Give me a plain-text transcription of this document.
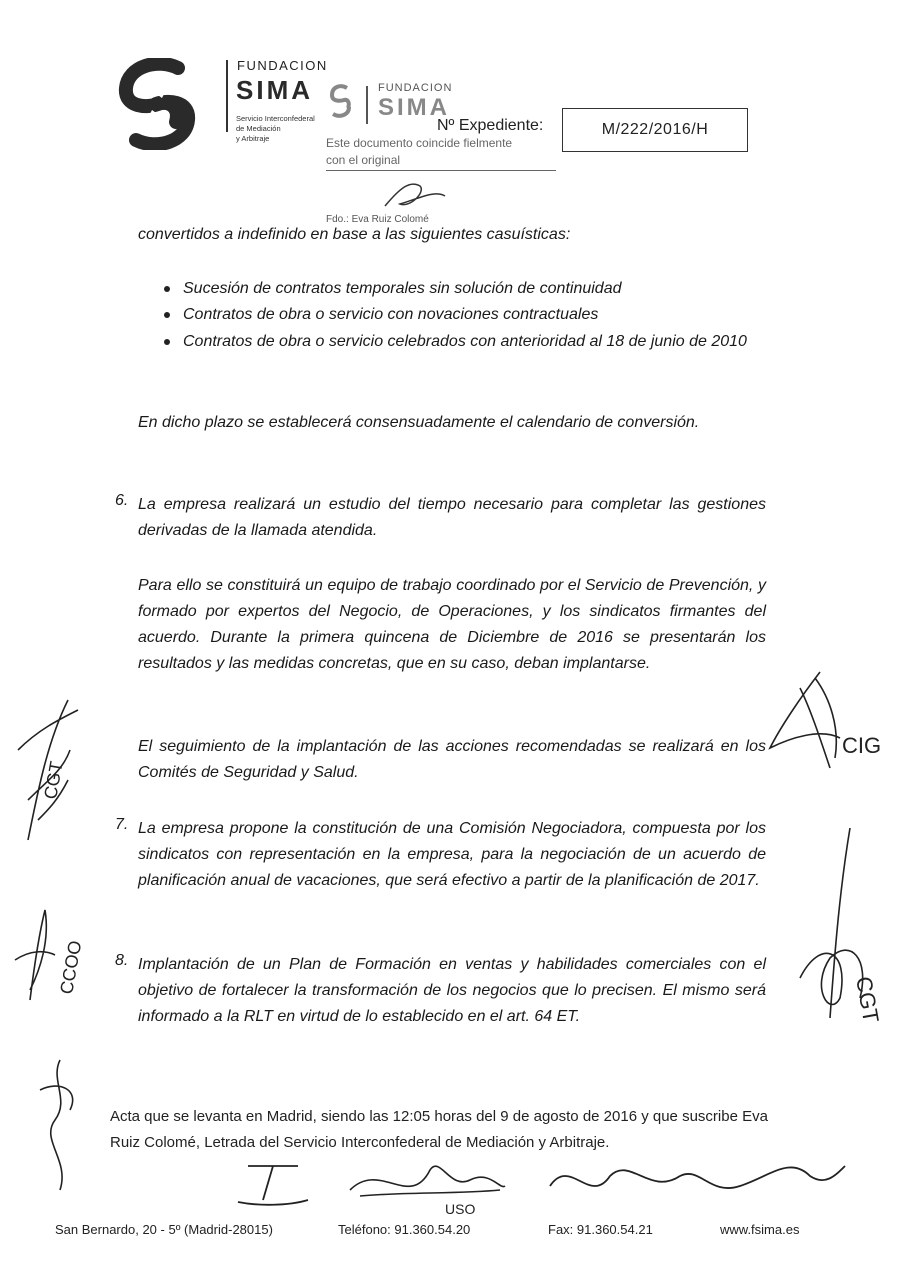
FUNDACION
SIMA
Servicio Interconfederal
de Mediación
y Arbitraje
FUNDACION
SIMA
Este documento coincide fielmente
con el original
Fdo.: Eva Ruiz Colomé
Nº Expediente:	M/222/2016/H
convertidos a indefinido en base a las siguientes casuísticas:
Sucesión de contratos temporales sin solución de continuidad
Contratos de obra o servicio con novaciones contractuales
Contratos de obra o servicio celebrados con anterioridad al 18 de junio de 2010
En dicho plazo se establecerá consensuadamente el calendario de conversión.
6. La empresa realizará un estudio del tiempo necesario para completar las gestiones derivadas de la llamada atendida.
Para ello se constituirá un equipo de trabajo coordinado por el Servicio de Prevención, y formado por expertos del Negocio, de Operaciones, y los sindicatos firmantes del acuerdo. Durante la primera quincena de Diciembre de 2016 se presentarán los resultados y las medidas concretas, que en su caso, deban implantarse.
El seguimiento de la implantación de las acciones recomendadas se realizará en los Comités de Seguridad y Salud.
7. La empresa propone la constitución de una Comisión Negociadora, compuesta por los sindicatos con representación en la empresa, para la negociación de un acuerdo de planificación anual de vacaciones, que será efectivo a partir de la planificación de 2017.
8. Implantación de un Plan de Formación en ventas y habilidades comerciales con el objetivo de fortalecer la transformación de los negocios que lo precisen. El mismo será informado a la RLT en virtud de lo establecido en el art. 64 ET.
Acta que se levanta en Madrid, siendo las 12:05 horas del 9 de agosto de 2016 y que suscribe Eva Ruiz Colomé, Letrada del Servicio Interconfederal de Mediación y Arbitraje.
CIG
CGT
CGT
CCOO
USO
San Bernardo, 20 - 5º (Madrid-28015)	Teléfono: 91.360.54.20	Fax: 91.360.54.21	www.fsima.es
